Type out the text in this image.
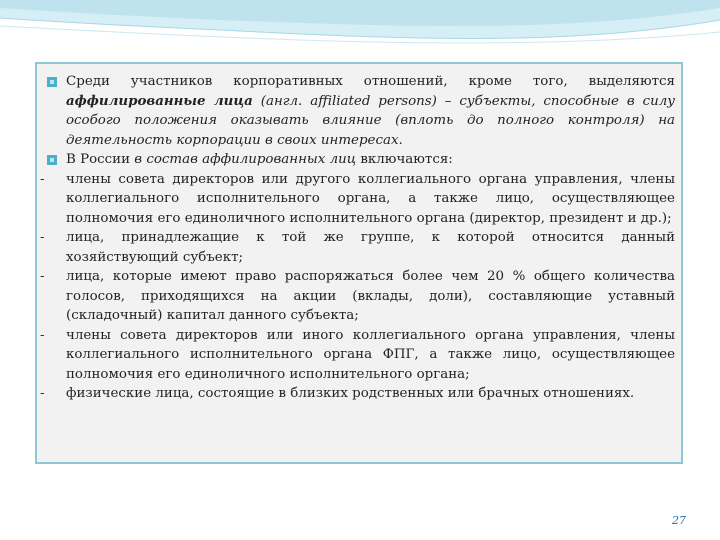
Среди участников корпоративных отношений, кроме того, выделяются аффилированные лица (англ. affiliated persons) – субъекты, способные в силу особого положения оказывать влияние (вплоть до полного контроля) на деятельность корпорации в своих интересах.

В России в состав аффилированных лиц включаются:

- члены совета директоров или другого коллегиального органа управления, члены коллегиального исполнительного органа, а также лицо, осуществляющее полномочия его единоличного исполнительного органа (директор, президент и др.);

- лица, принадлежащие к той же группе, к которой относится данный хозяйствующий субъект;

- лица, которые имеют право распоряжаться более чем 20 % общего количества голосов, приходящихся на акции (вклады, доли), составляющие уставный (складочный) капитал данного субъекта;

- члены совета директоров или иного коллегиального органа управления, члены коллегиального исполнительного органа ФПГ, а также лицо, осуществляющее полномочия его единоличного исполнительного органа;

- физические лица, состоящие в близких родственных или брачных отношениях.

27
